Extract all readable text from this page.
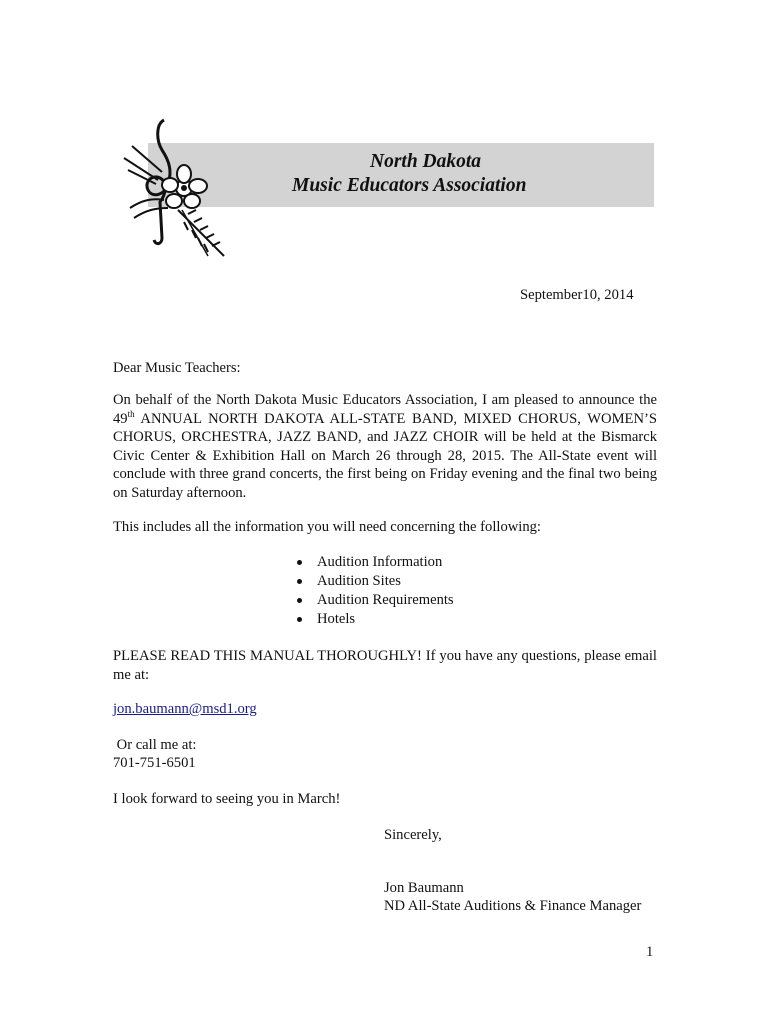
North Dakota
Music Educators Association
September10, 2014
Dear Music Teachers:

On behalf of the North Dakota Music Educators Association, I am pleased to announce the 49th ANNUAL NORTH DAKOTA ALL-STATE BAND, MIXED CHORUS, WOMEN’S CHORUS, ORCHESTRA, JAZZ BAND, and JAZZ CHOIR will be held at the Bismarck Civic Center & Exhibition Hall on March 26 through 28, 2015. The All-State event will conclude with three grand concerts, the first being on Friday evening and the final two being on Saturday afternoon.

This includes all the information you will need concerning the following:
Audition Information
Audition Sites
Audition Requirements
Hotels

PLEASE READ THIS MANUAL THOROUGHLY! If you have any questions, please email me at:

jon.baumann@msd1.org
Or call me at:
701-751-6501
I look forward to seeing you in March!
Sincerely,
Jon Baumann
ND All-State Auditions & Finance Manager
1
